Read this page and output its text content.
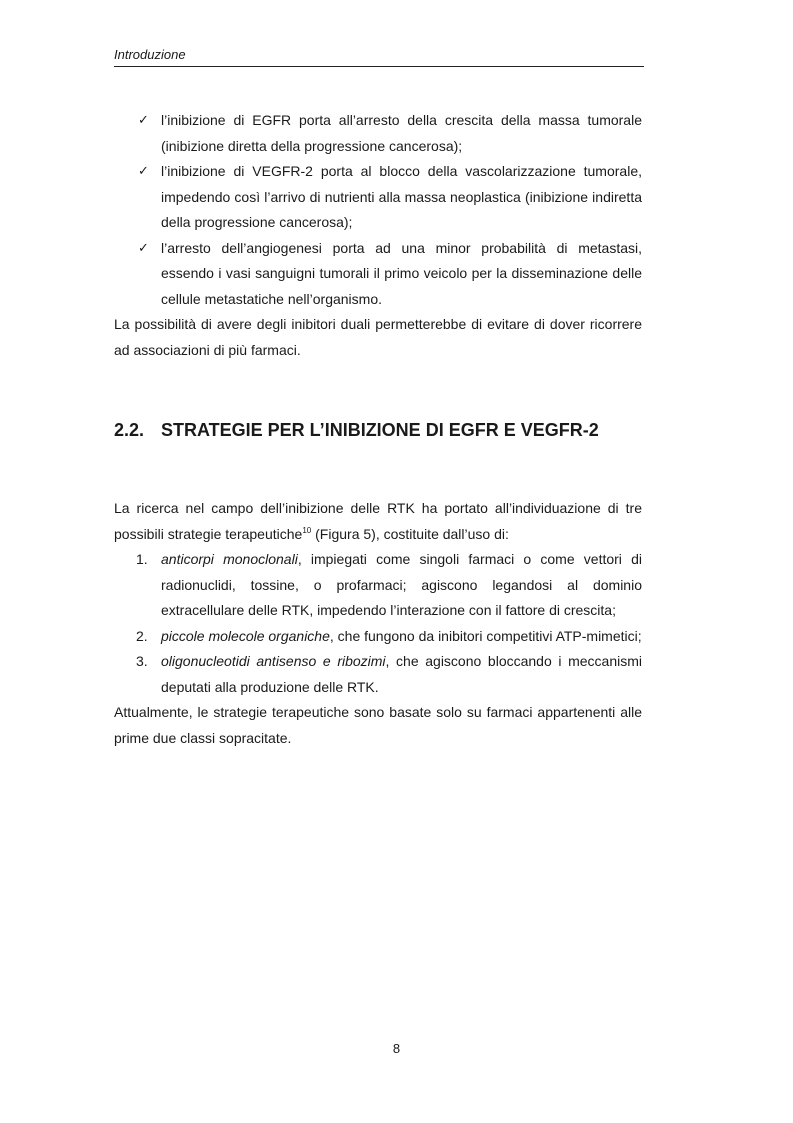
Introduzione
✓ l’inibizione di EGFR porta all’arresto della crescita della massa tumorale (inibizione diretta della progressione cancerosa);
✓ l’inibizione di VEGFR-2 porta al blocco della vascolarizzazione tumorale, impedendo così l’arrivo di nutrienti alla massa neoplastica (inibizione indiretta della progressione cancerosa);
✓ l’arresto dell’angiogenesi porta ad una minor probabilità di metastasi, essendo i vasi sanguigni tumorali il primo veicolo per la disseminazione delle cellule metastatiche nell’organismo.

La possibilità di avere degli inibitori duali permetterebbe di evitare di dover ricorrere ad associazioni di più farmaci.

2.2. STRATEGIE PER L’INIBIZIONE DI EGFR E VEGFR-2

La ricerca nel campo dell’inibizione delle RTK ha portato all’individuazione di tre possibili strategie terapeutiche$^{10}$ (Figura 5), costituite dall’uso di:

1. anticorpi monoclonali, impiegati come singoli farmaci o come vettori di radionuclidi, tossine, o profarmaci; agiscono legandosi al dominio extracellulare delle RTK, impedendo l’interazione con il fattore di crescita;
2. piccole molecole organiche, che fungono da inibitori competitivi ATP-mimetici;
3. oligonucleotidi antisenso e ribozimi, che agiscono bloccando i meccanismi deputati alla produzione delle RTK.

Attualmente, le strategie terapeutiche sono basate solo su farmaci appartenenti alle prime due classi sopracitate.

8
